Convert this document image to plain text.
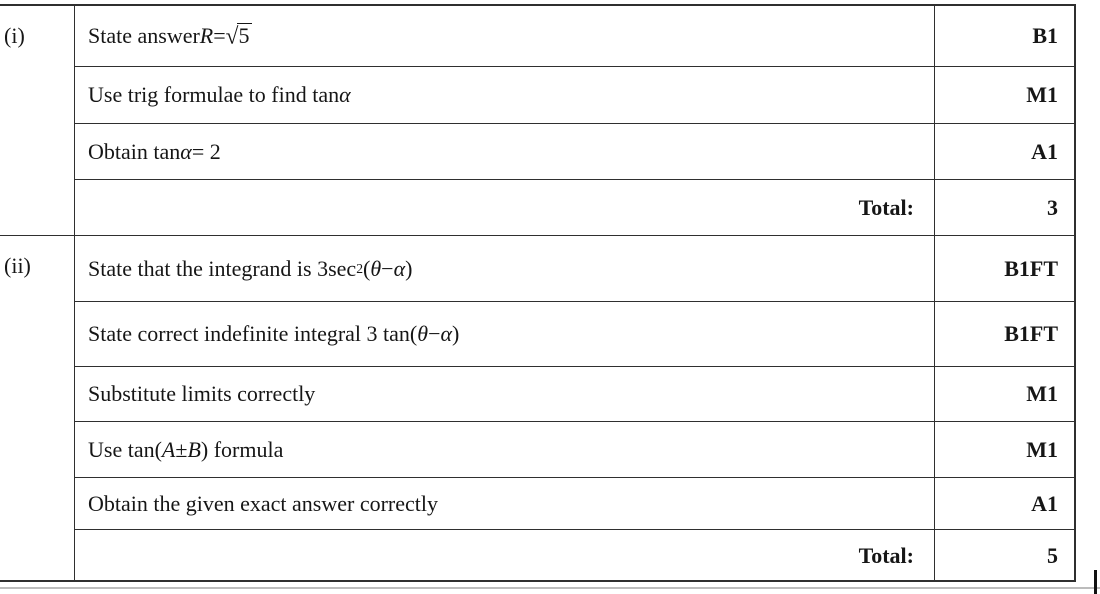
(i)	State answer R = √5	B1
Use trig formulae to find tan α	M1
Obtain tan α = 2	A1
Total:	3
(ii)	State that the integrand is 3sec 2 ( θ − α )	B1FT
State correct indefinite integral 3 tan( θ − α )	B1FT
Substitute limits correctly	M1
Use tan( A ± B ) formula	M1
Obtain the given exact answer correctly	A1
Total:	5
